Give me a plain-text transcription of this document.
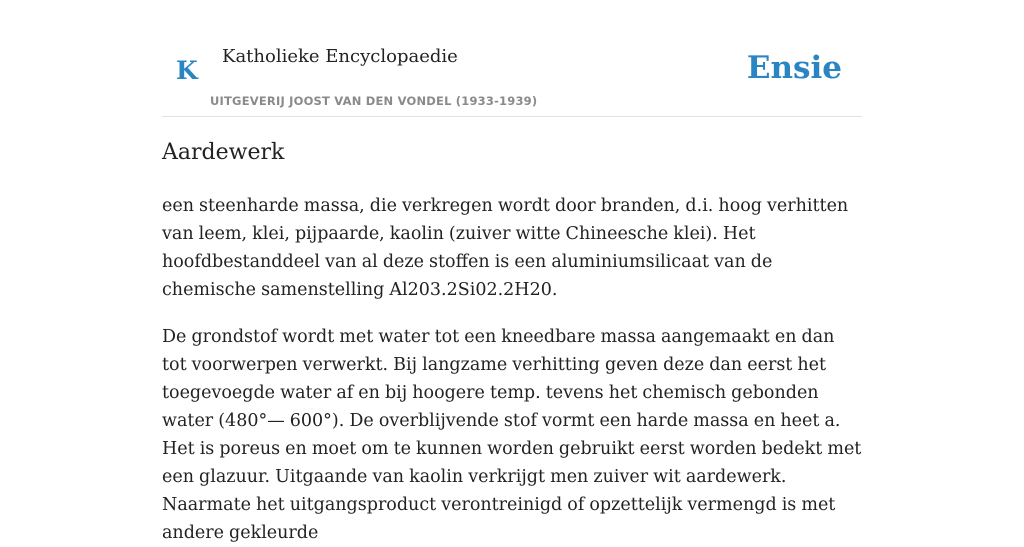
K Katholieke Encyclopaedie
UITGEVERIJ JOOST VAN DEN VONDEL (1933-1939)
Ensie
Aardewerk

een steenharde massa, die verkregen wordt door branden, d.i. hoog verhitten van leem, klei, pijpaarde, kaolin (zuiver witte Chineesche klei). Het hoofdbestanddeel van al deze stoffen is een aluminiumsilicaat van de chemische samenstelling Al203.2Si02.2H20.

De grondstof wordt met water tot een kneedbare massa aangemaakt en dan tot voorwerpen verwerkt. Bij langzame verhitting geven deze dan eerst het toegevoegde water af en bij hoogere temp. tevens het chemisch gebonden water (480°— 600°). De overblijvende stof vormt een harde massa en heet a. Het is poreus en moet om te kunnen worden gebruikt eerst worden bedekt met een glazuur. Uitgaande van kaolin verkrijgt men zuiver wit aardewerk. Naarmate het uitgangsproduct verontreinigd of opzettelijk vermengd is met andere gekleurde
